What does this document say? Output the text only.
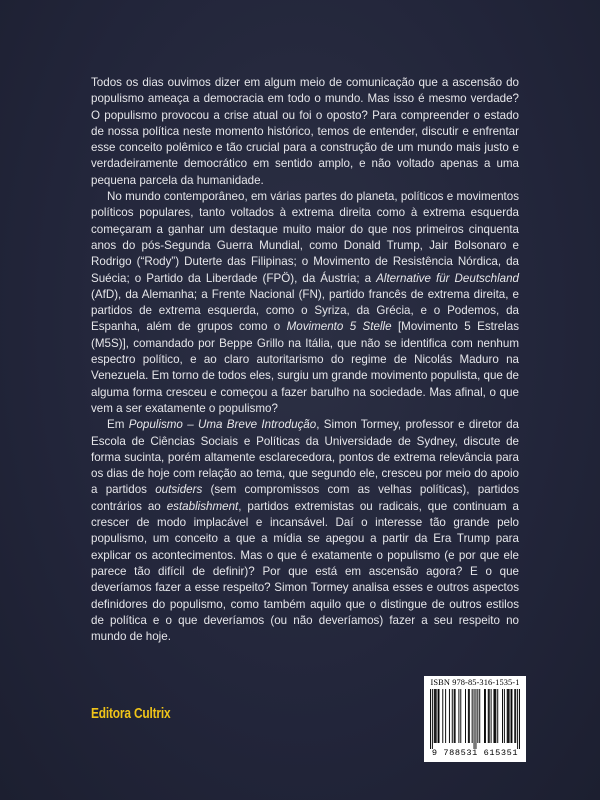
Todos os dias ouvimos dizer em algum meio de comunicação que a ascensão do populismo ameaça a democracia em todo o mundo. Mas isso é mesmo verdade? O populismo provocou a crise atual ou foi o oposto? Para compreender o estado de nossa política neste momento histórico, temos de entender, discutir e enfrentar esse conceito polêmico e tão crucial para a construção de um mundo mais justo e verdadeiramente democrático em sentido amplo, e não voltado apenas a uma pequena parcela da humanidade.

No mundo contemporâneo, em várias partes do planeta, políticos e movimentos políticos populares, tanto voltados à extrema direita como à extrema esquerda começaram a ganhar um destaque muito maior do que nos primeiros cinquenta anos do pós-Segunda Guerra Mundial, como Donald Trump, Jair Bolsonaro e Rodrigo (“Rody”) Duterte das Filipinas; o Movimento de Resistência Nórdica, da Suécia; o Partido da Liberdade (FPÖ), da Áustria; a Alternative für Deutschland (AfD), da Alemanha; a Frente Nacional (FN), partido francês de extrema direita, e partidos de extrema esquerda, como o Syriza, da Grécia, e o Podemos, da Espanha, além de grupos como o Movimento 5 Stelle [Movimento 5 Estrelas (M5S)], comandado por Beppe Grillo na Itália, que não se identifica com nenhum espectro político, e ao claro autoritarismo do regime de Nicolás Maduro na Venezuela. Em torno de todos eles, surgiu um grande movimento populista, que de alguma forma cresceu e começou a fazer barulho na sociedade. Mas afinal, o que vem a ser exatamente o populismo?

Em Populismo – Uma Breve Introdução, Simon Tormey, professor e diretor da Escola de Ciências Sociais e Políticas da Universidade de Sydney, discute de forma sucinta, porém altamente esclarecedora, pontos de extrema relevância para os dias de hoje com relação ao tema, que segundo ele, cresceu por meio do apoio a partidos outsiders (sem compromissos com as velhas políticas), partidos contrários ao establishment, partidos extremistas ou radicais, que continuam a crescer de modo implacável e incansável. Daí o interesse tão grande pelo populismo, um conceito a que a mídia se apegou a partir da Era Trump para explicar os acontecimentos. Mas o que é exatamente o populismo (e por que ele parece tão difícil de definir)? Por que está em ascensão agora? E o que deveríamos fazer a esse respeito? Simon Tormey analisa esses e outros aspectos definidores do populismo, como também aquilo que o distingue de outros estilos de política e o que deveríamos (ou não deveríamos) fazer a seu respeito no mundo de hoje.

Editora Cultrix
ISBN 978-85-316-1535-1
9 788531 615351
